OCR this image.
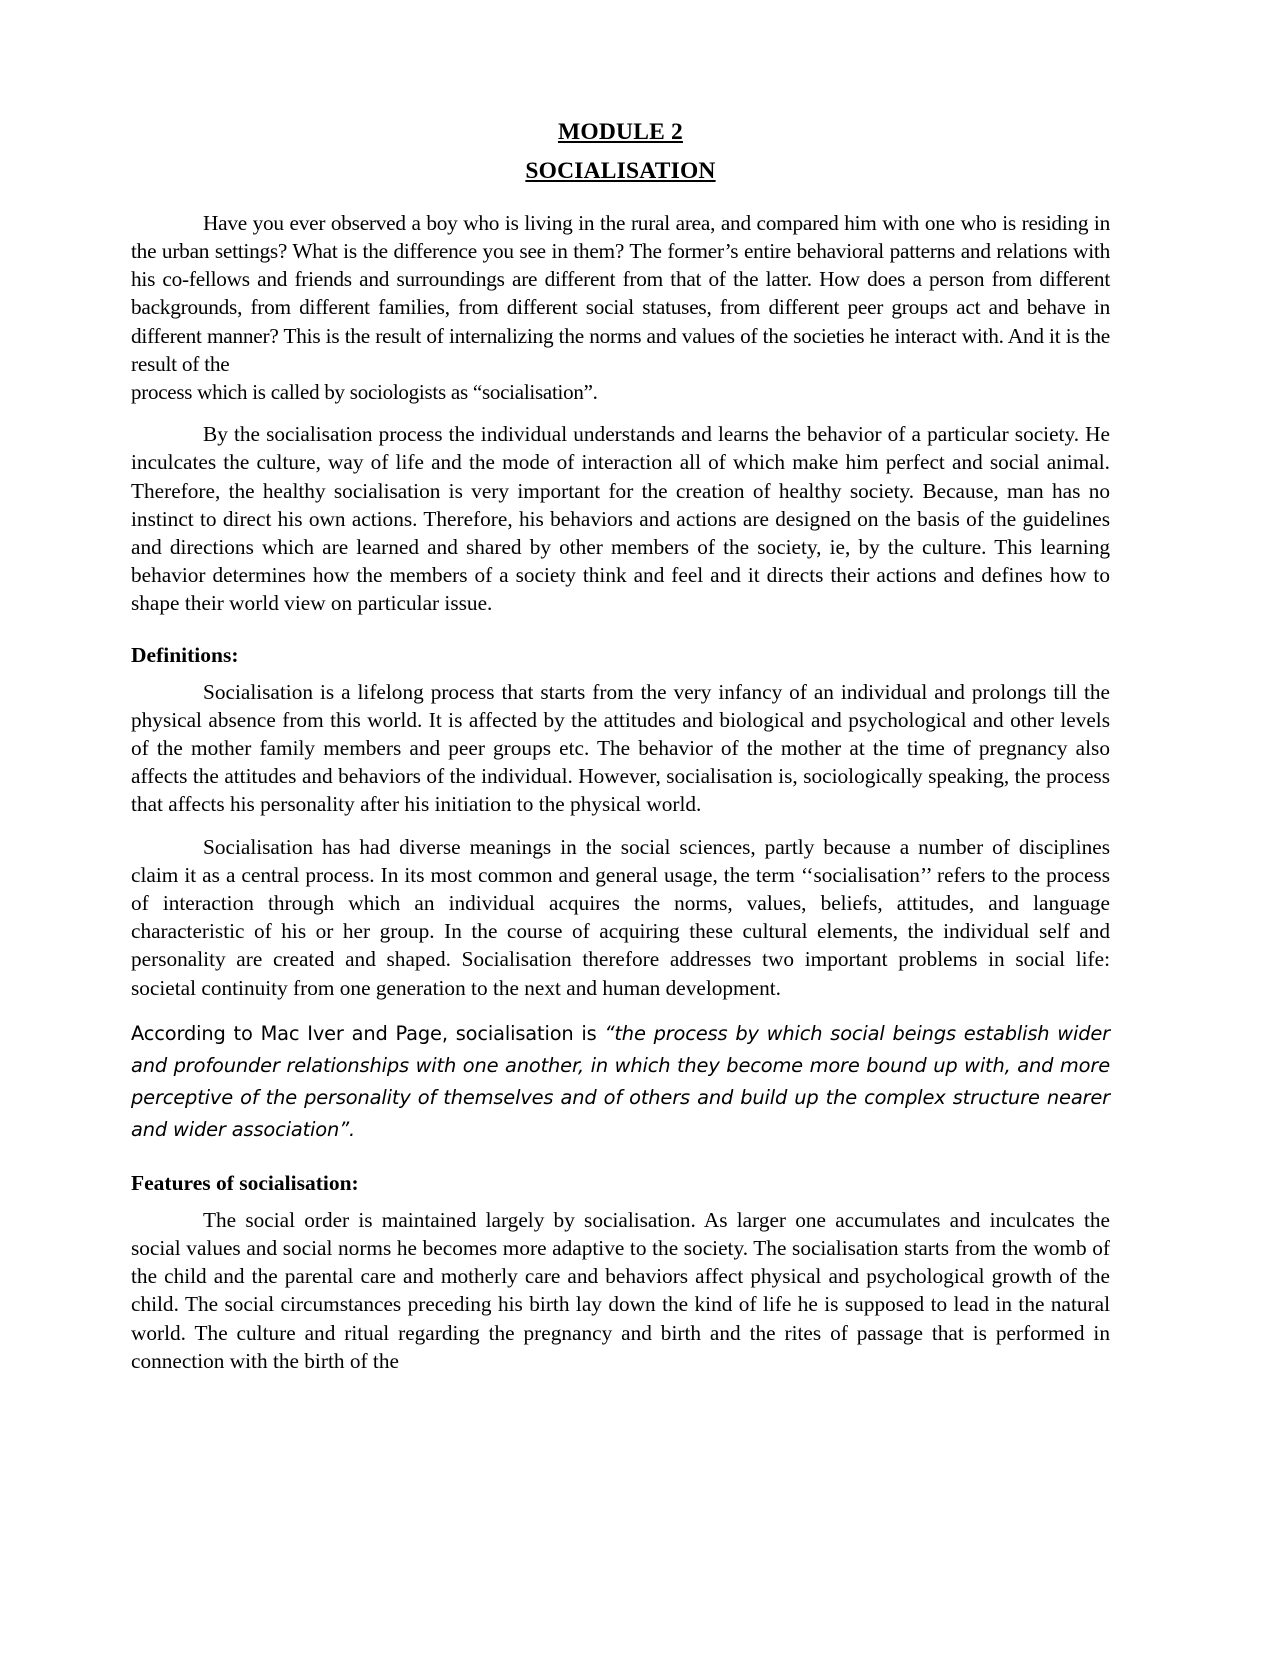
MODULE 2
SOCIALISATION

Have you ever observed a boy who is living in the rural area, and compared him with one who is residing in the urban settings? What is the difference you see in them? The former’s entire behavioral patterns and relations with his co-fellows and friends and surroundings are different from that of the latter. How does a person from different backgrounds, from different families, from different social statuses, from different peer groups act and behave in different manner? This is the result of internalizing the norms and values of the societies he interact with. And it is the result of the
process which is called by sociologists as “socialisation”.

By the socialisation process the individual understands and learns the behavior of a particular society. He inculcates the culture, way of life and the mode of interaction all of which make him perfect and social animal. Therefore, the healthy socialisation is very important for the creation of healthy society. Because, man has no instinct to direct his own actions. Therefore, his behaviors and actions are designed on the basis of the guidelines and directions which are learned and shared by other members of the society, ie, by the culture. This learning behavior determines how the members of a society think and feel and it directs their actions and defines how to shape their world view on particular issue.

Definitions:

Socialisation is a lifelong process that starts from the very infancy of an individual and prolongs till the physical absence from this world. It is affected by the attitudes and biological and psychological and other levels of the mother family members and peer groups etc. The behavior of the mother at the time of pregnancy also affects the attitudes and behaviors of the individual. However, socialisation is, sociologically speaking, the process that affects his personality after his initiation to the physical world.

Socialisation has had diverse meanings in the social sciences, partly because a number of disciplines claim it as a central process. In its most common and general usage, the term ‘‘socialisation’’ refers to the process of interaction through which an individual acquires the norms, values, beliefs, attitudes, and language characteristic of his or her group. In the course of acquiring these cultural elements, the individual self and personality are created and shaped. Socialisation therefore addresses two important problems in social life: societal continuity from one generation to the next and human development.

According to Mac Iver and Page, socialisation is “the process by which social beings establish wider and profounder relationships with one another, in which they become more bound up with, and more perceptive of the personality of themselves and of others and build up the complex structure nearer and wider association”.

Features of socialisation:

The social order is maintained largely by socialisation. As larger one accumulates and inculcates the social values and social norms he becomes more adaptive to the society. The socialisation starts from the womb of the child and the parental care and motherly care and behaviors affect physical and psychological growth of the child. The social circumstances preceding his birth lay down the kind of life he is supposed to lead in the natural world. The culture and ritual regarding the pregnancy and birth and the rites of passage that is performed in connection with the birth of the
